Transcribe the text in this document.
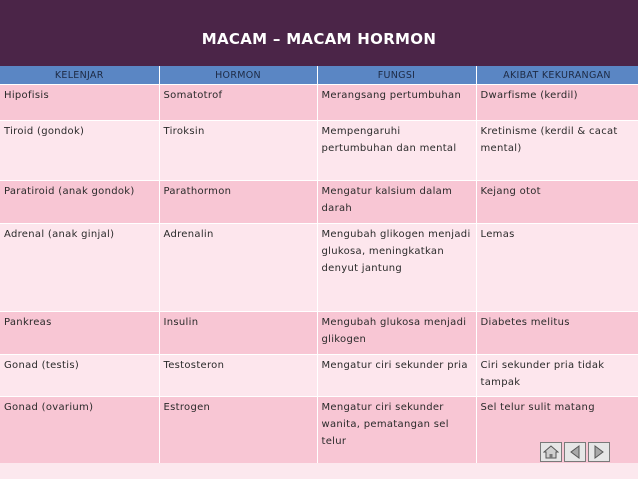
MACAM – MACAM HORMON
KELENJAR	HORMON	FUNGSI	AKIBAT KEKURANGAN
Hipofisis	Somatotrof	Merangsang pertumbuhan	Dwarfisme (kerdil)
Tiroid (gondok)	Tiroksin	Mempengaruhi pertumbuhan dan mental	Kretinisme (kerdil & cacat mental)
Paratiroid (anak gondok)	Parathormon	Mengatur kalsium dalam darah	Kejang otot
Adrenal (anak ginjal)	Adrenalin	Mengubah glikogen menjadi glukosa, meningkatkan denyut jantung	Lemas
Pankreas	Insulin	Mengubah glukosa menjadi glikogen	Diabetes melitus
Gonad (testis)	Testosteron	Mengatur ciri sekunder pria	Ciri sekunder pria tidak tampak
Gonad (ovarium)	Estrogen	Mengatur ciri sekunder wanita, pematangan sel telur	Sel telur sulit matang
